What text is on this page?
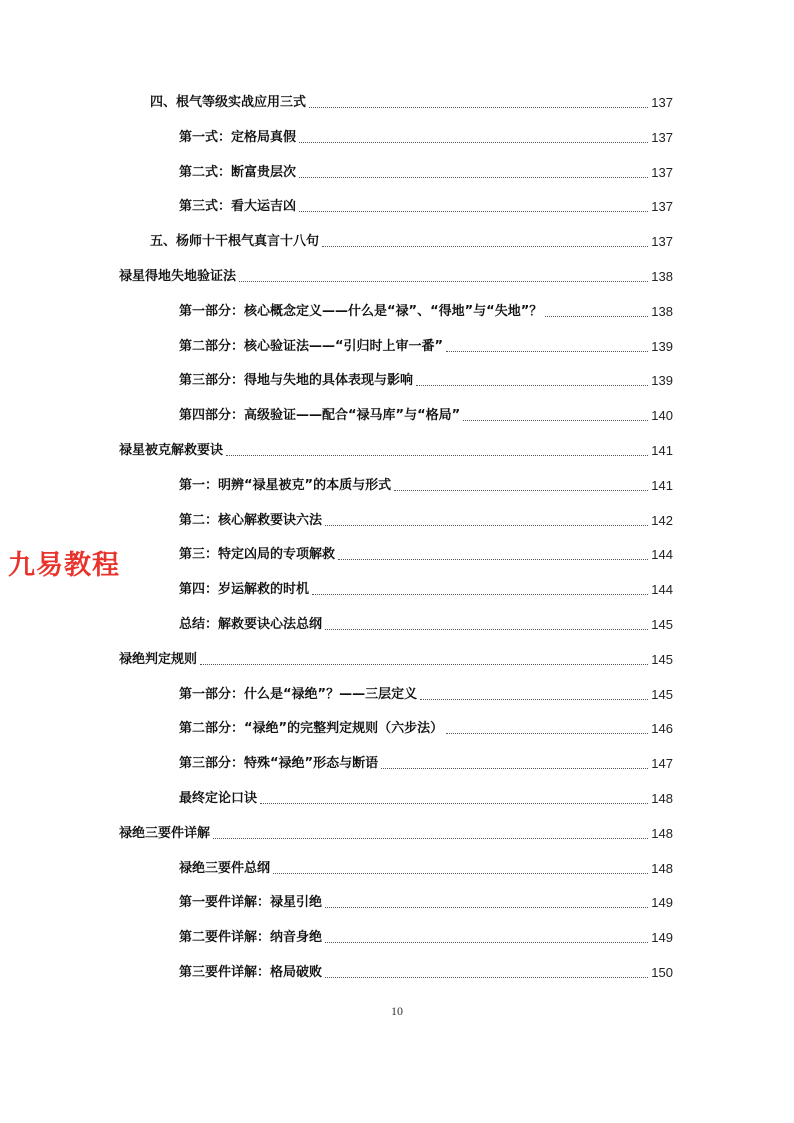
四、根气等级实战应用三式	137
第一式：定格局真假	137
第二式：断富贵层次	137
第三式：看大运吉凶	137
五、杨师十干根气真言十八句	137
禄星得地失地验证法	138
第一部分：核心概念定义——什么是“禄”、“得地”与“失地”？	138
第二部分：核心验证法——“引归时上审一番”	139
第三部分：得地与失地的具体表现与影响	139
第四部分：高级验证——配合“禄马库”与“格局”	140
禄星被克解救要诀	141
第一：明辨“禄星被克”的本质与形式	141
第二：核心解救要诀六法	142
第三：特定凶局的专项解救	144
第四：岁运解救的时机	144
总结：解救要诀心法总纲	145
禄绝判定规则	145
第一部分：什么是“禄绝”？——三层定义	145
第二部分：“禄绝”的完整判定规则（六步法）	146
第三部分：特殊“禄绝”形态与断语	147
最终定论口诀	148
禄绝三要件详解	148
禄绝三要件总纲	148
第一要件详解：禄星引绝	149
第二要件详解：纳音身绝	149
第三要件详解：格局破败	150
九易教程
10
